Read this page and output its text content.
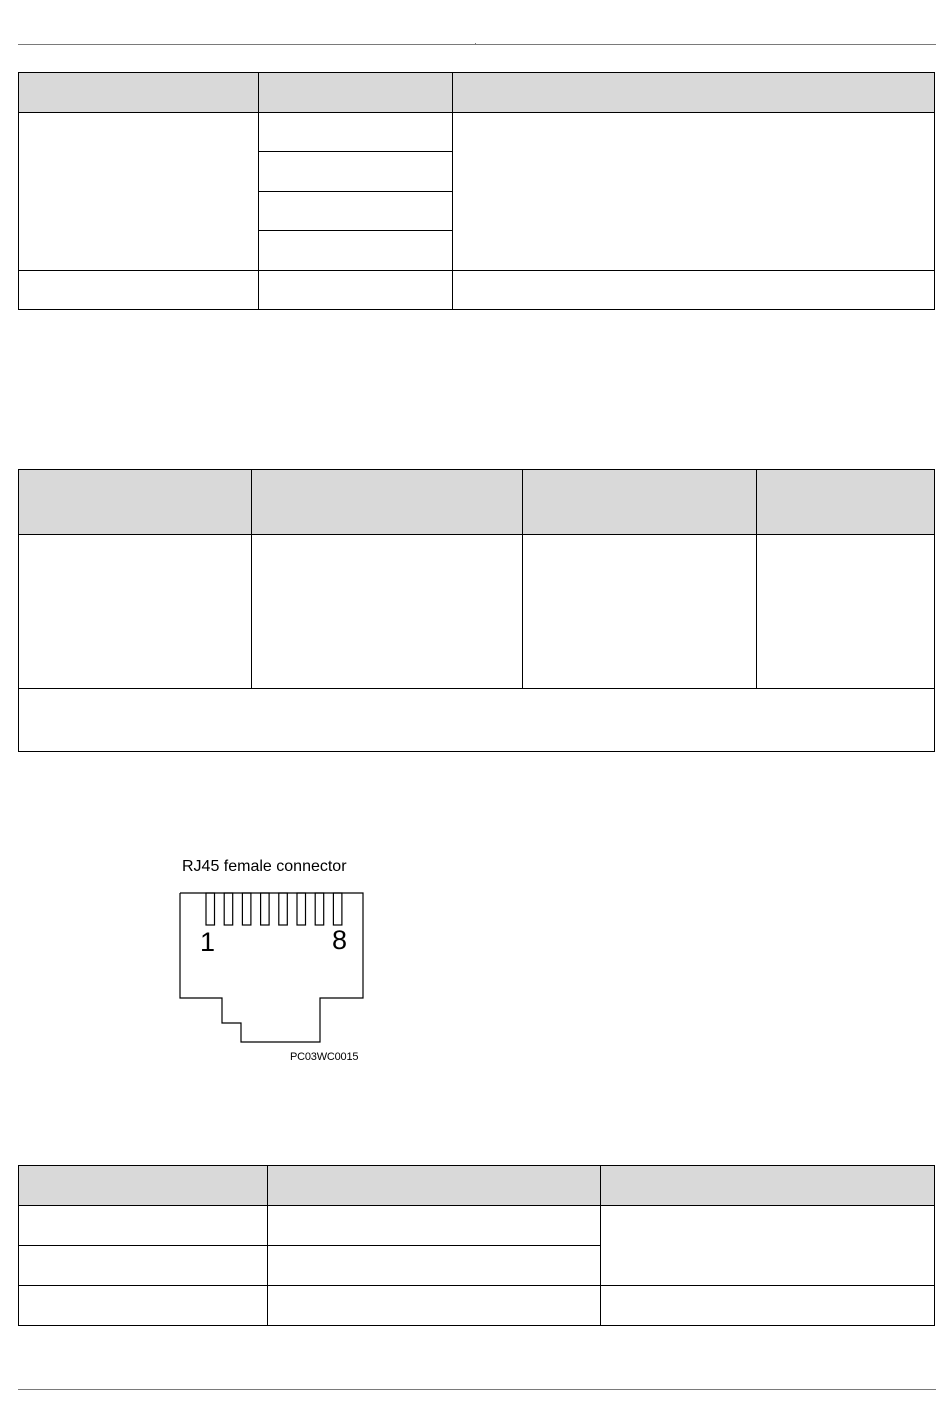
RJ45 female connector
1	8
PC03WC0015
